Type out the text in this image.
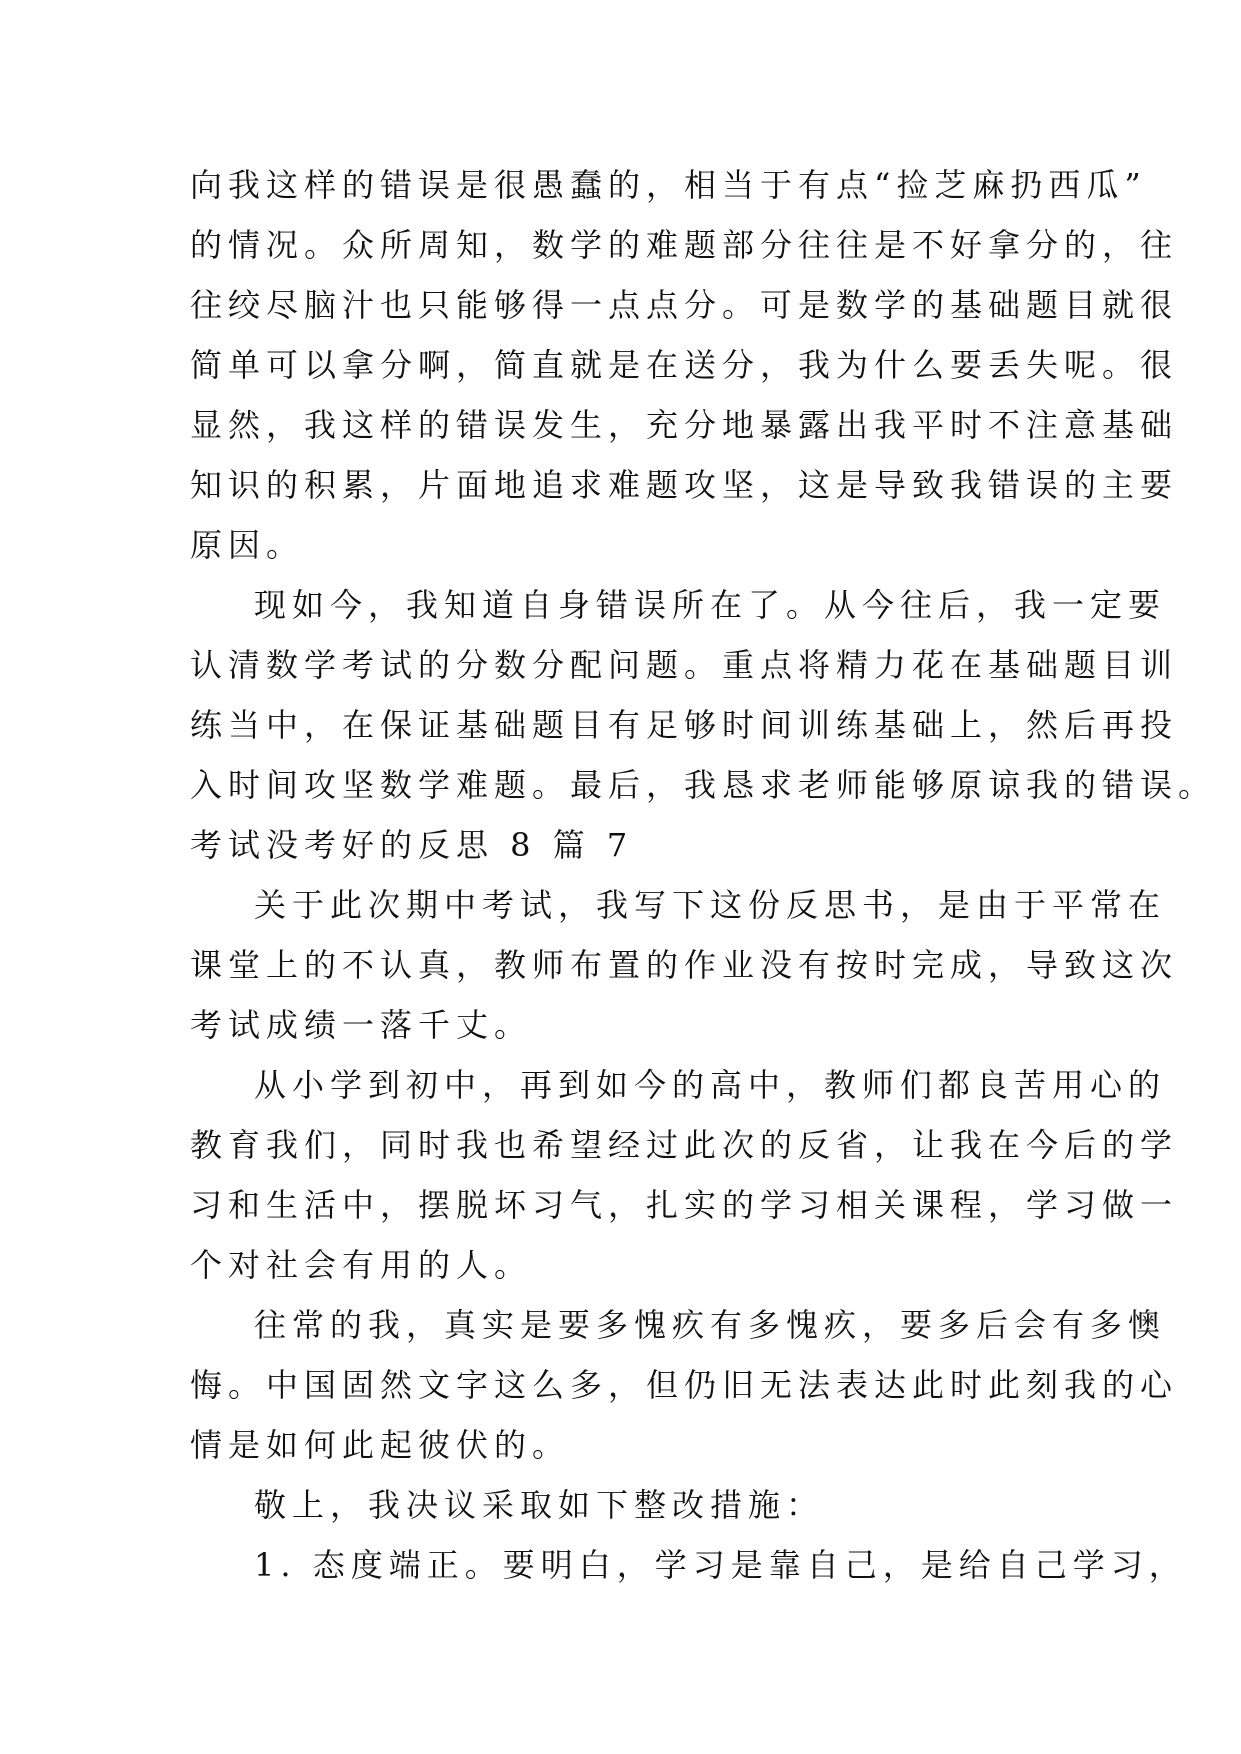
向我这样的错误是很愚蠢的，相当于有点“捡芝麻扔西瓜”
的情况。众所周知，数学的难题部分往往是不好拿分的，往
往绞尽脑汁也只能够得一点点分。可是数学的基础题目就很
简单可以拿分啊，简直就是在送分，我为什么要丢失呢。很
显然，我这样的错误发生，充分地暴露出我平时不注意基础
知识的积累，片面地追求难题攻坚，这是导致我错误的主要
原因。
现如今，我知道自身错误所在了。从今往后，我一定要
认清数学考试的分数分配问题。重点将精力花在基础题目训
练当中，在保证基础题目有足够时间训练基础上，然后再投
入时间攻坚数学难题。最后，我恳求老师能够原谅我的错误。
考试没考好的反思 8 篇 7
关于此次期中考试，我写下这份反思书，是由于平常在
课堂上的不认真，教师布置的作业没有按时完成，导致这次
考试成绩一落千丈。
从小学到初中，再到如今的高中，教师们都良苦用心的
教育我们，同时我也希望经过此次的反省，让我在今后的学
习和生活中，摆脱坏习气，扎实的学习相关课程，学习做一
个对社会有用的人。
往常的我，真实是要多愧疚有多愧疚，要多后会有多懊
悔。中国固然文字这么多，但仍旧无法表达此时此刻我的心
情是如何此起彼伏的。
敬上，我决议采取如下整改措施：
1. 态度端正。要明白，学习是靠自己，是给自己学习，
